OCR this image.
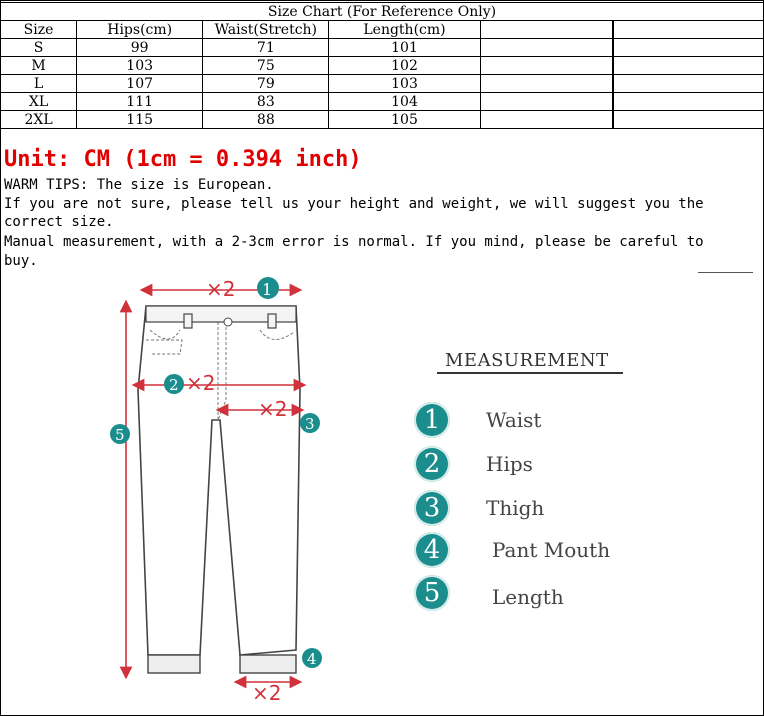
Size Chart (For Reference Only)					
Size	Hips(cm)	Waist(Stretch)	Length(cm)			
S	99	71	101			
M	103	75	102			
L	107	79	103			
XL	111	83	104			
2XL	115	88	105			
Unit: CM (1cm = 0.394 inch)
WARM TIPS: The size is European.
If you are not sure, please tell us your height and weight, we will suggest you the
correct size.
Manual measurement, with a 2-3cm error is normal. If you mind, please be careful to
buy.
×2 1
2 ×2
×2
3
5
×2
4
MEASUREMENT
1	Waist
2	Hips
3	Thigh
4	Pant Mouth
5	Length
